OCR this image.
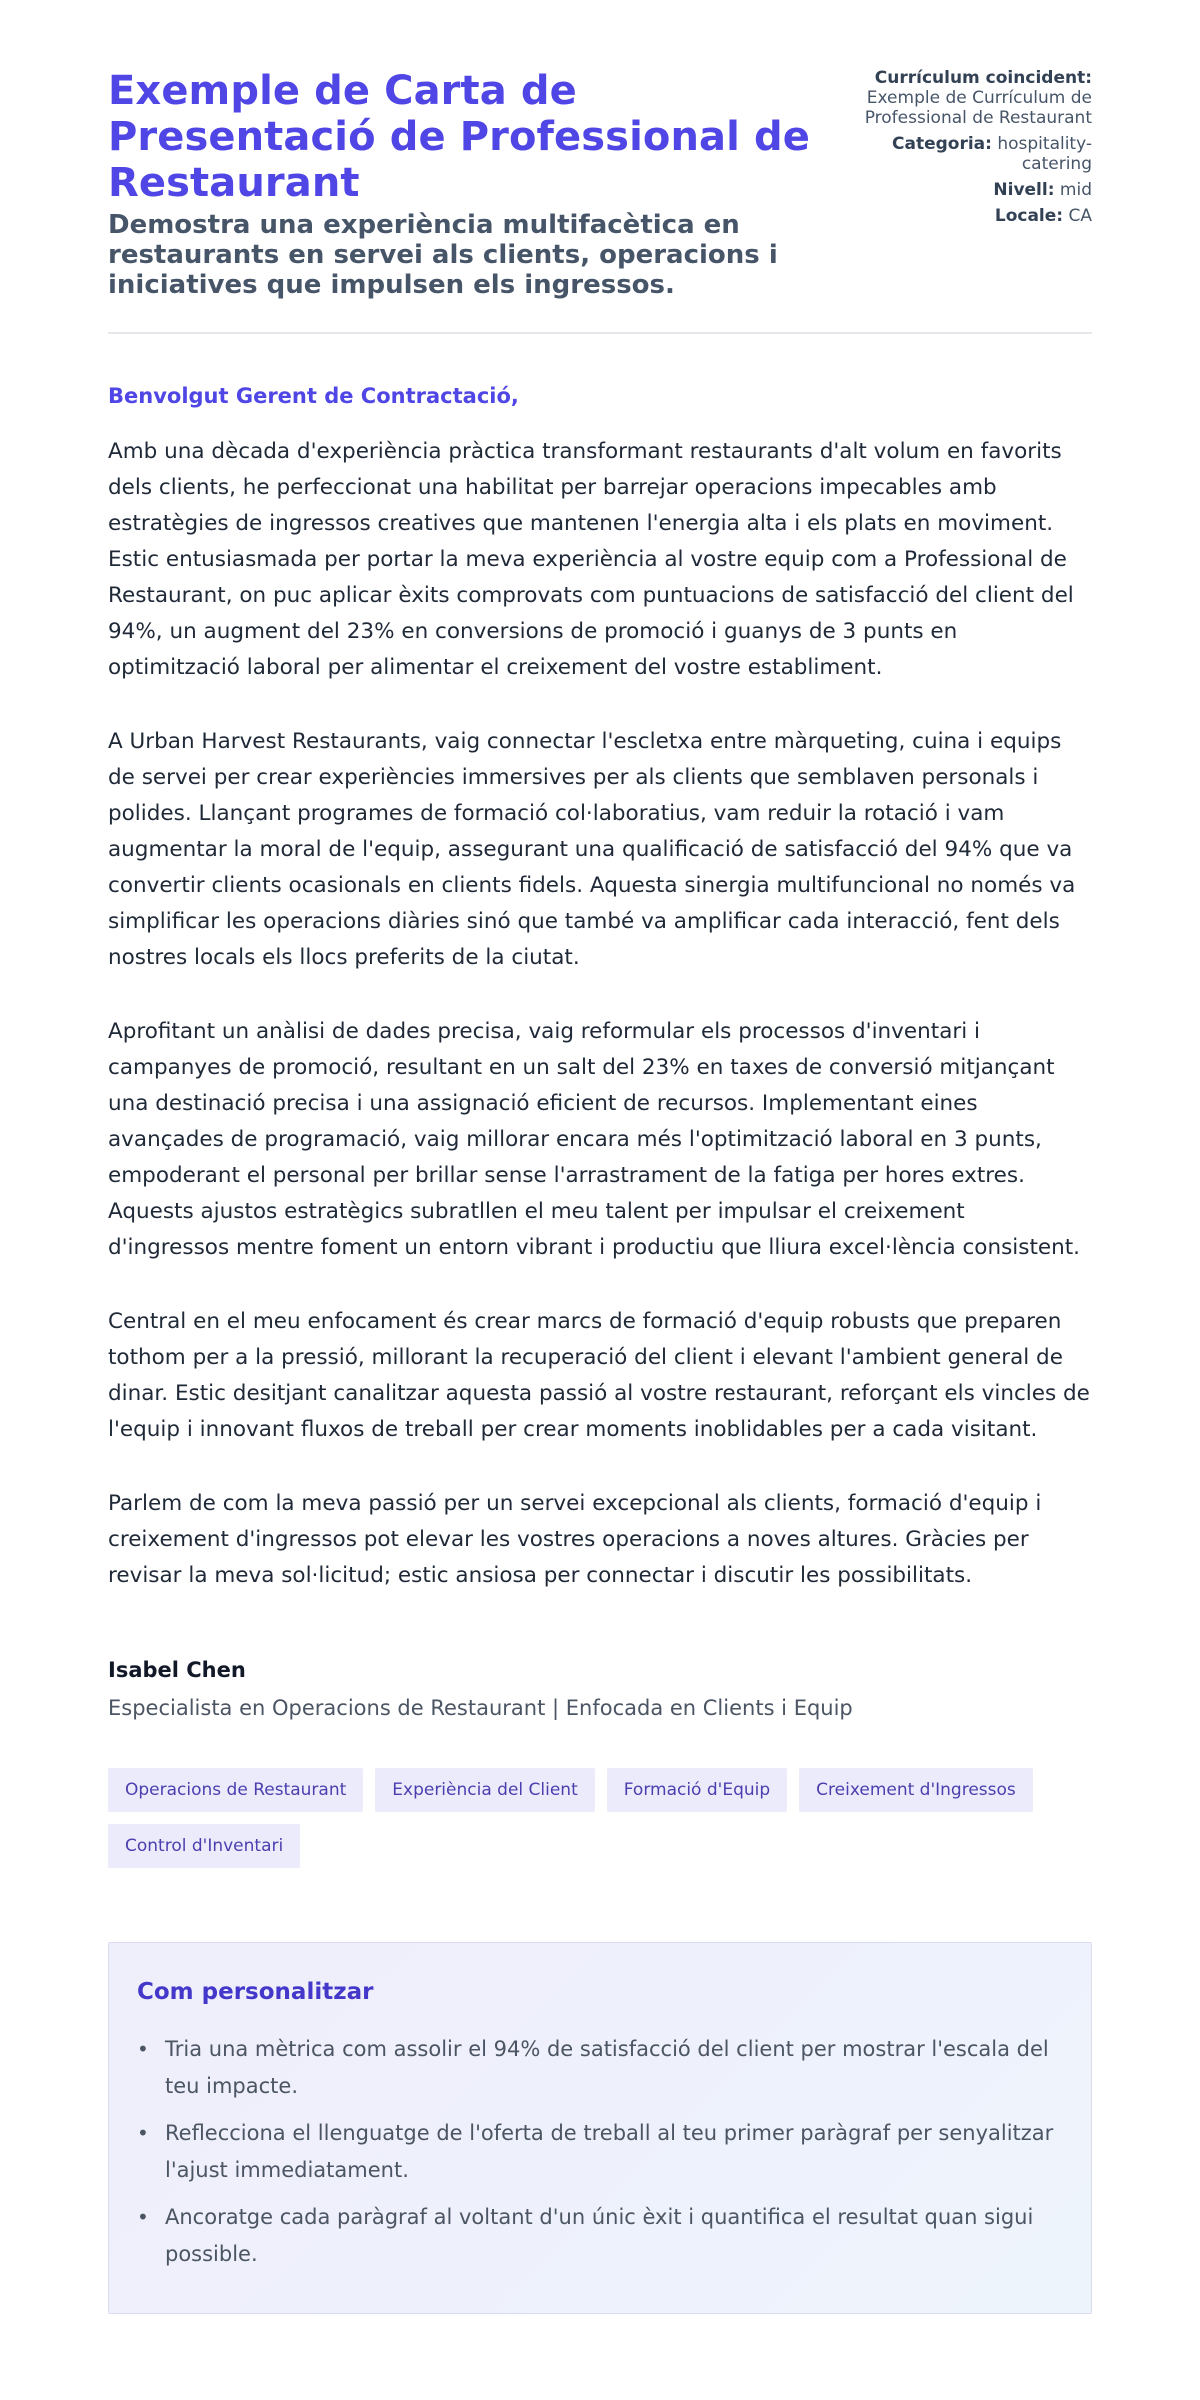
Exemple de Carta de Presentació de Professional de Restaurant
Demostra una experiència multifacètica en restaurants en servei als clients, operacions i iniciatives que impulsen els ingressos.
Currículum coincident:
Exemple de Currículum de Professional de Restaurant
Categoria: hospitality-catering
Nivell: mid
Locale: CA

Benvolgut Gerent de Contractació,

Amb una dècada d'experiència pràctica transformant restaurants d'alt volum en favorits dels clients, he perfeccionat una habilitat per barrejar operacions impecables amb estratègies de ingressos creatives que mantenen l'energia alta i els plats en moviment. Estic entusiasmada per portar la meva experiència al vostre equip com a Professional de Restaurant, on puc aplicar èxits comprovats com puntuacions de satisfacció del client del 94%, un augment del 23% en conversions de promoció i guanys de 3 punts en optimització laboral per alimentar el creixement del vostre establiment.

A Urban Harvest Restaurants, vaig connectar l'escletxa entre màrqueting, cuina i equips de servei per crear experiències immersives per als clients que semblaven personals i polides. Llançant programes de formació col·laboratius, vam reduir la rotació i vam augmentar la moral de l'equip, assegurant una qualificació de satisfacció del 94% que va convertir clients ocasionals en clients fidels. Aquesta sinergia multifuncional no només va simplificar les operacions diàries sinó que també va amplificar cada interacció, fent dels nostres locals els llocs preferits de la ciutat.

Aprofitant un anàlisi de dades precisa, vaig reformular els processos d'inventari i campanyes de promoció, resultant en un salt del 23% en taxes de conversió mitjançant una destinació precisa i una assignació eficient de recursos. Implementant eines avançades de programació, vaig millorar encara més l'optimització laboral en 3 punts, empoderant el personal per brillar sense l'arrastrament de la fatiga per hores extres. Aquests ajustos estratègics subratllen el meu talent per impulsar el creixement d'ingressos mentre foment un entorn vibrant i productiu que lliura excel·lència consistent.

Central en el meu enfocament és crear marcs de formació d'equip robusts que preparen tothom per a la pressió, millorant la recuperació del client i elevant l'ambient general de dinar. Estic desitjant canalitzar aquesta passió al vostre restaurant, reforçant els vincles de l'equip i innovant fluxos de treball per crear moments inoblidables per a cada visitant.

Parlem de com la meva passió per un servei excepcional als clients, formació d'equip i creixement d'ingressos pot elevar les vostres operacions a noves altures. Gràcies per revisar la meva sol·licitud; estic ansiosa per connectar i discutir les possibilitats.

Isabel Chen
Especialista en Operacions de Restaurant | Enfocada en Clients i Equip
Operacions de Restaurant	Experiència del Client	Formació d'Equip	Creixement d'Ingressos
Control d'Inventari
Com personalitzar
• Tria una mètrica com assolir el 94% de satisfacció del client per mostrar l'escala del teu impacte.
• Reflecciona el llenguatge de l'oferta de treball al teu primer paràgraf per senyalitzar l'ajust immediatament.
• Ancoratge cada paràgraf al voltant d'un únic èxit i quantifica el resultat quan sigui possible.
